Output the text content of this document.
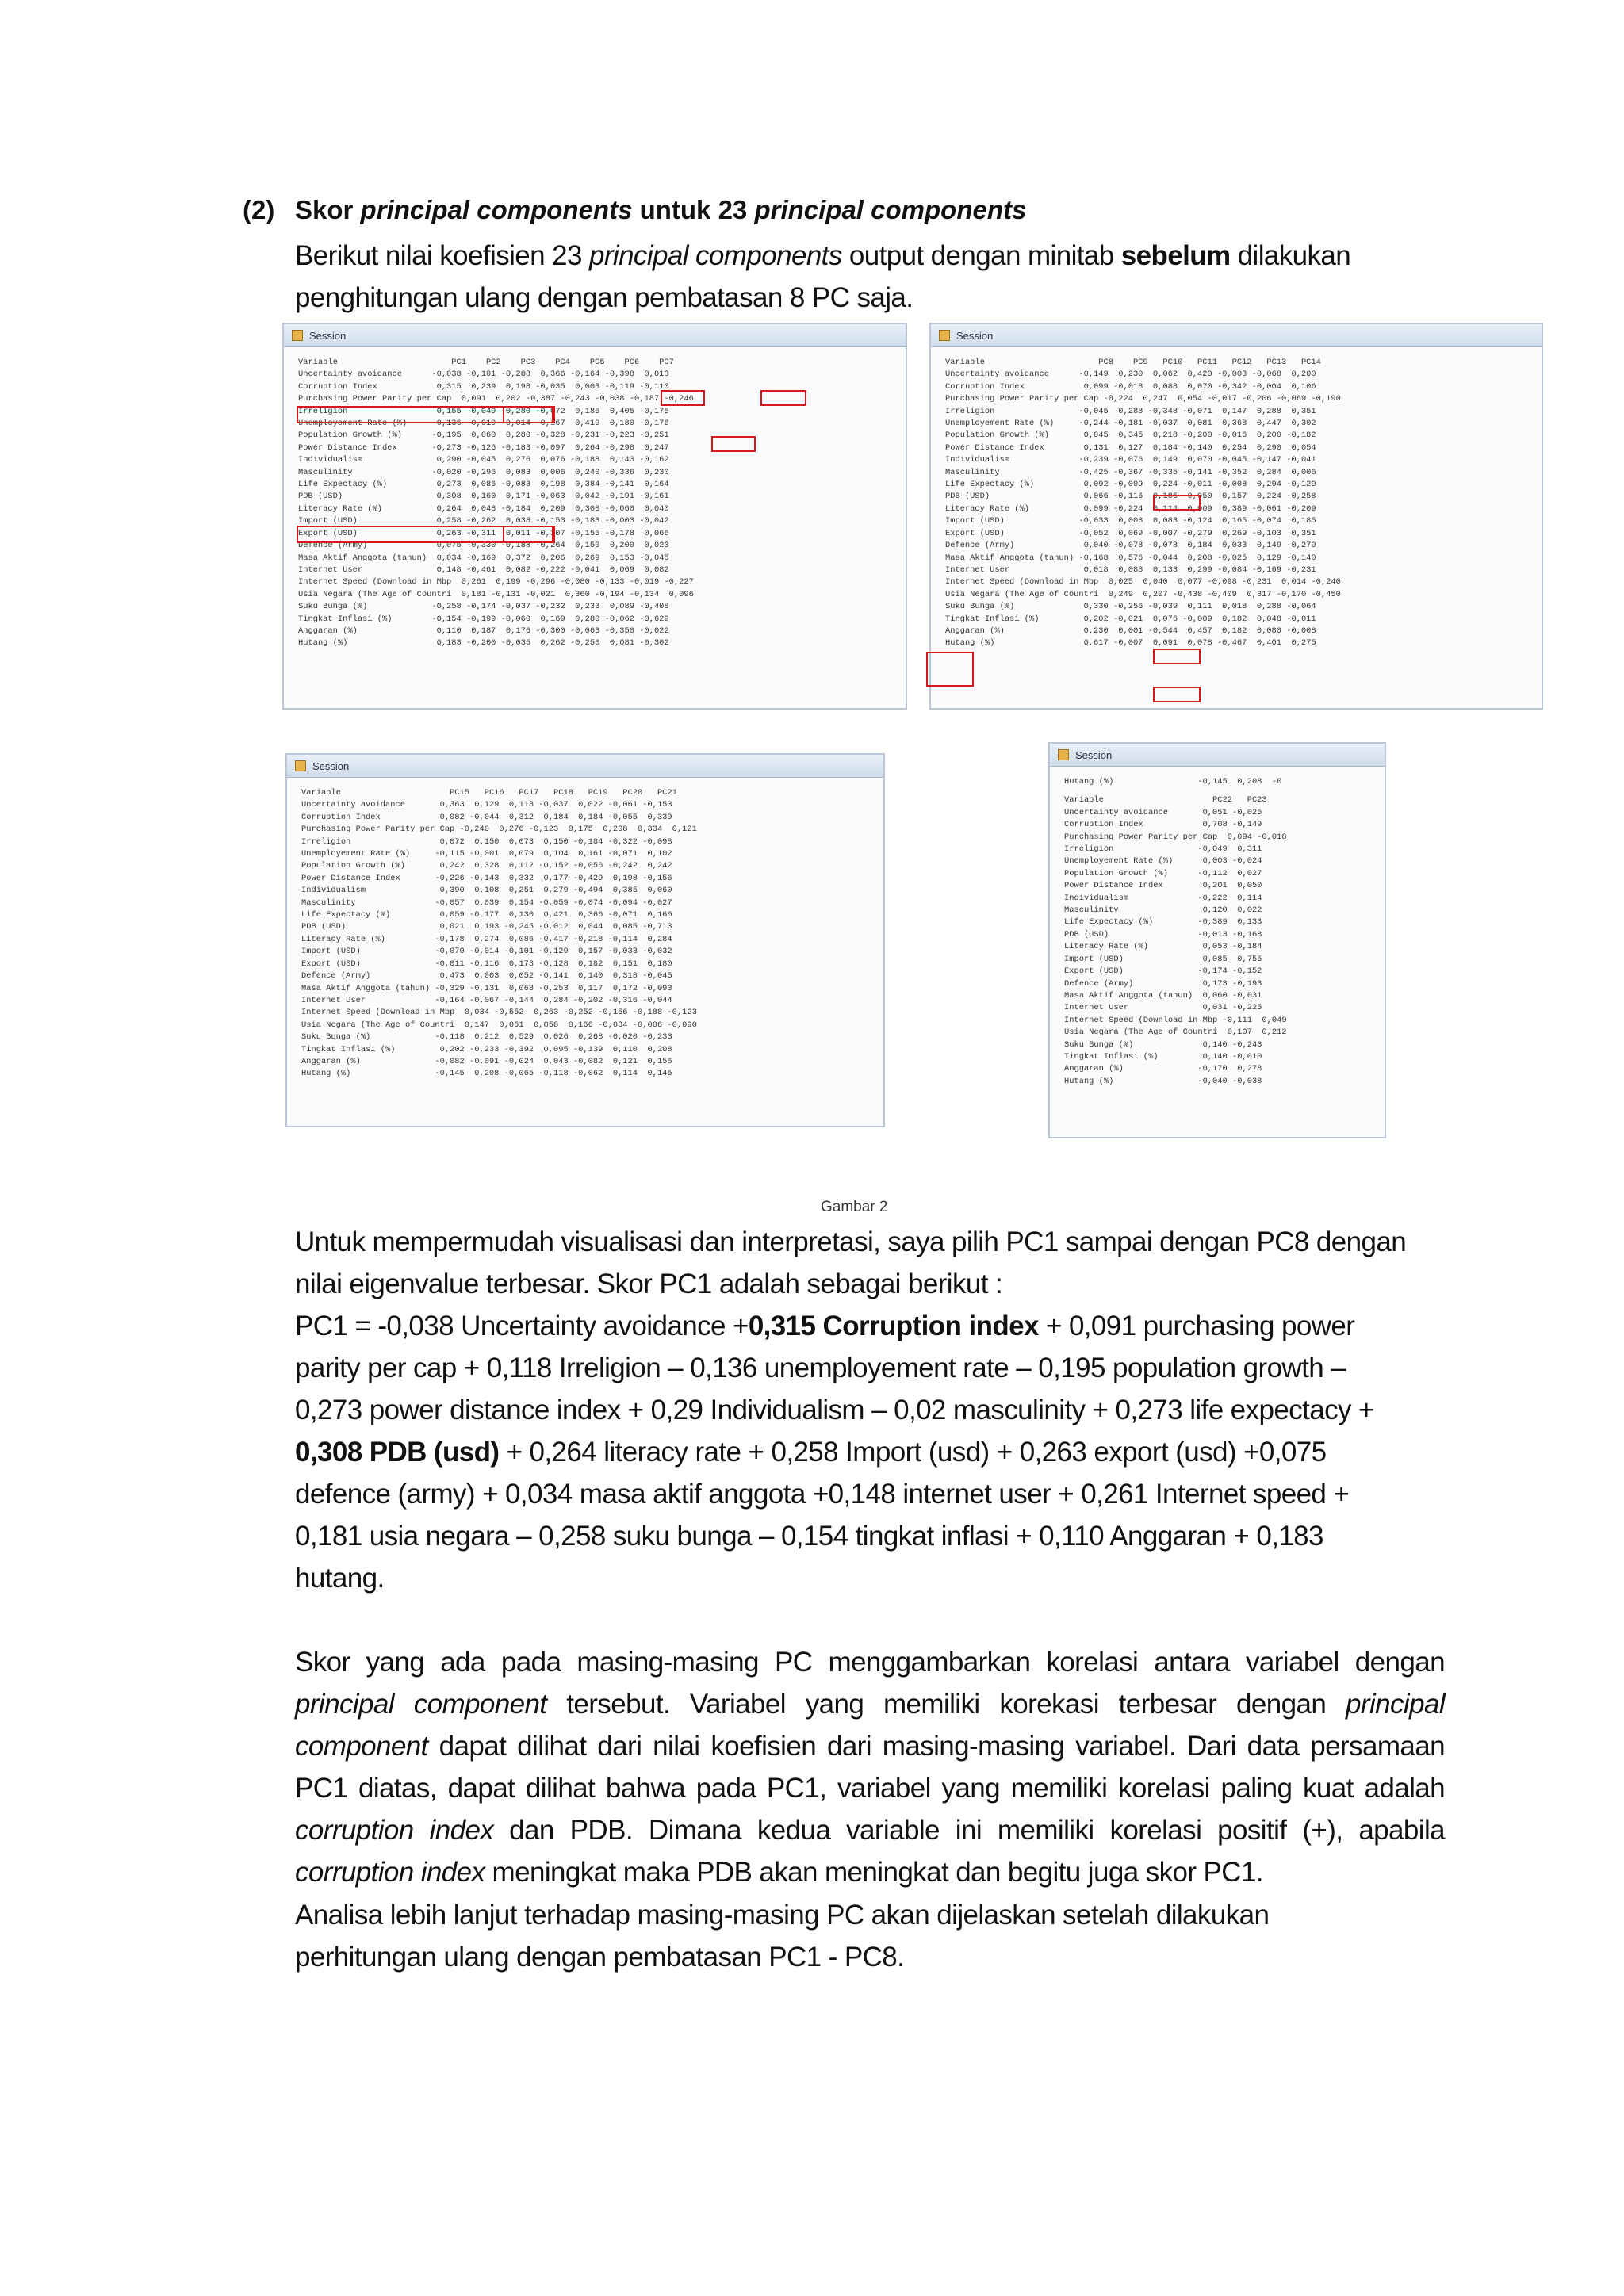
(2) Skor principal components untuk 23 principal components

Berikut nilai koefisien 23 principal components output dengan minitab sebelum dilakukan

penghitungan ulang dengan pembatasan 8 PC saja.

Session
Variable                       PC1    PC2    PC3    PC4    PC5    PC6    PC7
Uncertainty avoidance      -0,038 -0,101 -0,288  0,366 -0,164 -0,398  0,013
Corruption Index            0,315  0,239  0,198 -0,035  0,003 -0,119 -0,110
Purchasing Power Parity per Cap  0,091  0,202 -0,387 -0,243 -0,038 -0,187 -0,246
Irreligion                  0,155  0,049 -0,280 -0,072  0,186  0,405 -0,175
Unemployement Rate (%)     -0,136 -0,019 -0,014  0,167  0,419  0,180 -0,176
Population Growth (%)      -0,195  0,060  0,280 -0,328 -0,231 -0,223 -0,251
Power Distance Index       -0,273 -0,126 -0,183 -0,097  0,264 -0,298  0,247
Individualism               0,290 -0,045  0,276  0,076 -0,188  0,143 -0,162
Masculinity                -0,020 -0,296  0,083  0,006  0,240 -0,336  0,230
Life Expectacy (%)          0,273  0,086 -0,083  0,198  0,384 -0,141  0,164
PDB (USD)                   0,308  0,160  0,171 -0,063  0,042 -0,191 -0,161
Literacy Rate (%)           0,264  0,048 -0,184  0,209  0,308 -0,060  0,040
Import (USD)                0,258 -0,262  0,038 -0,153 -0,183 -0,003 -0,042
Export (USD)                0,263 -0,311  0,011 -0,107 -0,155 -0,178  0,066
Defence (Army)              0,075 -0,330 -0,188 -0,264  0,150  0,200  0,023
Masa Aktif Anggota (tahun)  0,034 -0,169  0,372  0,206  0,269  0,153 -0,045
Internet User               0,148 -0,461  0,082 -0,222 -0,041  0,069  0,082
Internet Speed (Download in Mbp  0,261  0,199 -0,296 -0,080 -0,133 -0,019 -0,227
Usia Negara (The Age of Countri  0,181 -0,131 -0,021  0,360 -0,194 -0,134  0,096
Suku Bunga (%)             -0,258 -0,174 -0,037 -0,232  0,233  0,089 -0,408
Tingkat Inflasi (%)        -0,154 -0,199 -0,060  0,169  0,280 -0,062 -0,629
Anggaran (%)                0,110  0,187  0,176 -0,300 -0,063 -0,350 -0,022
Hutang (%)                  0,183 -0,200 -0,035  0,262 -0,250  0,081 -0,302
Session
Variable                       PC8    PC9   PC10   PC11   PC12   PC13   PC14
Uncertainty avoidance      -0,149  0,230  0,062  0,420 -0,003 -0,068  0,200
Corruption Index            0,099 -0,018  0,088  0,070 -0,342 -0,004  0,106
Purchasing Power Parity per Cap -0,224  0,247  0,054 -0,017 -0,206 -0,069 -0,190
Irreligion                 -0,045  0,288 -0,348 -0,071  0,147  0,288  0,351
Unemployement Rate (%)     -0,244 -0,181 -0,037  0,081  0,368  0,447  0,302
Population Growth (%)       0,045  0,345  0,218 -0,200 -0,016  0,200 -0,182
Power Distance Index        0,131  0,127  0,184 -0,140  0,254  0,290  0,054
Individualism              -0,239 -0,076  0,149  0,070 -0,045 -0,147 -0,041
Masculinity                -0,425 -0,367 -0,335 -0,141 -0,352  0,284  0,006
Life Expectacy (%)          0,092 -0,009  0,224 -0,011 -0,008  0,294 -0,129
PDB (USD)                   0,066 -0,116  0,185 -0,050  0,157  0,224 -0,258
Literacy Rate (%)           0,099 -0,224  0,114  0,009  0,389 -0,061 -0,209
Import (USD)               -0,033  0,008  0,083 -0,124  0,165 -0,074  0,185
Export (USD)               -0,052  0,069 -0,007 -0,279  0,269 -0,103  0,351
Defence (Army)              0,040 -0,078 -0,078  0,184  0,033  0,149 -0,279
Masa Aktif Anggota (tahun) -0,168  0,576 -0,044  0,208 -0,025  0,129 -0,140
Internet User               0,018  0,088  0,133  0,299 -0,084 -0,169 -0,231
Internet Speed (Download in Mbp  0,025  0,040  0,077 -0,098 -0,231  0,014 -0,240
Usia Negara (The Age of Countri  0,249  0,207 -0,438 -0,409  0,317 -0,170 -0,450
Suku Bunga (%)              0,330 -0,256 -0,039  0,111  0,018  0,288 -0,064
Tingkat Inflasi (%)         0,202 -0,021  0,076 -0,009  0,182  0,048 -0,011
Anggaran (%)                0,230  0,001 -0,544  0,457  0,182  0,080 -0,008
Hutang (%)                  0,617 -0,007  0,091  0,078 -0,467  0,401  0,275
Session
Variable                      PC15   PC16   PC17   PC18   PC19   PC20   PC21
Uncertainty avoidance       0,363  0,129  0,113 -0,037  0,022 -0,061 -0,153
Corruption Index            0,082 -0,044  0,312  0,184  0,184 -0,055  0,339
Purchasing Power Parity per Cap -0,240  0,276 -0,123  0,175  0,208  0,334  0,121
Irreligion                  0,072  0,150  0,073  0,150 -0,184 -0,322 -0,098
Unemployement Rate (%)     -0,115 -0,001  0,079  0,104  0,161 -0,071  0,102
Population Growth (%)       0,242  0,328  0,112 -0,152 -0,056 -0,242  0,242
Power Distance Index       -0,226 -0,143  0,332  0,177 -0,429  0,198 -0,156
Individualism               0,390  0,108  0,251  0,279 -0,494  0,385  0,060
Masculinity                -0,057  0,039  0,154 -0,059 -0,074 -0,094 -0,027
Life Expectacy (%)          0,059 -0,177  0,130  0,421  0,366 -0,071  0,166
PDB (USD)                   0,021  0,193 -0,245 -0,012  0,044  0,085 -0,713
Literacy Rate (%)          -0,178  0,274  0,086 -0,417 -0,218 -0,114  0,284
Import (USD)               -0,070 -0,014 -0,101 -0,129  0,157 -0,033 -0,032
Export (USD)               -0,011 -0,116  0,173 -0,128  0,182  0,151  0,180
Defence (Army)              0,473  0,003  0,052 -0,141  0,140  0,318 -0,045
Masa Aktif Anggota (tahun) -0,329 -0,131  0,068 -0,253  0,117  0,172 -0,093
Internet User              -0,164 -0,067 -0,144  0,284 -0,202 -0,316 -0,044
Internet Speed (Download in Mbp  0,034 -0,552  0,263 -0,252 -0,156 -0,188 -0,123
Usia Negara (The Age of Countri  0,147  0,061  0,058  0,166 -0,034 -0,006 -0,090
Suku Bunga (%)             -0,118  0,212  0,529  0,026  0,268 -0,020 -0,233
Tingkat Inflasi (%)         0,202 -0,233 -0,392  0,095 -0,139  0,110  0,208
Anggaran (%)               -0,082 -0,091 -0,024  0,043 -0,082  0,121  0,156
Hutang (%)                 -0,145  0,208 -0,065 -0,118 -0,062  0,114  0,145
Session
Hutang (%)                 -0,145  0,208  -0
Variable                      PC22   PC23
Uncertainty avoidance       0,051 -0,025
Corruption Index            0,708 -0,149
Purchasing Power Parity per Cap  0,094 -0,018
Irreligion                 -0,049  0,311
Unemployement Rate (%)      0,003 -0,024
Population Growth (%)      -0,112  0,027
Power Distance Index        0,201  0,050
Individualism              -0,222  0,114
Masculinity                 0,120  0,022
Life Expectacy (%)         -0,389  0,133
PDB (USD)                  -0,013 -0,168
Literacy Rate (%)           0,053 -0,184
Import (USD)                0,085  0,755
Export (USD)               -0,174 -0,152
Defence (Army)              0,173 -0,193
Masa Aktif Anggota (tahun)  0,060 -0,031
Internet User               0,031 -0,225
Internet Speed (Download in Mbp -0,111  0,049
Usia Negara (The Age of Countri  0,107  0,212
Suku Bunga (%)              0,140 -0,243
Tingkat Inflasi (%)         0,140 -0,010
Anggaran (%)               -0,170  0,278
Hutang (%)                 -0,040 -0,038
Gambar 2

Untuk mempermudah visualisasi dan interpretasi, saya pilih PC1 sampai dengan PC8 dengan

nilai eigenvalue terbesar. Skor PC1 adalah sebagai berikut :

PC1 = -0,038 Uncertainty avoidance +0,315 Corruption index + 0,091 purchasing power

parity per cap + 0,118 Irreligion – 0,136 unemployement rate – 0,195 population growth –

0,273 power distance index + 0,29 Individualism – 0,02 masculinity + 0,273 life expectacy +

0,308 PDB (usd) + 0,264 literacy rate + 0,258 Import (usd) + 0,263 export (usd) +0,075

defence (army) + 0,034 masa aktif anggota +0,148 internet user + 0,261 Internet speed +

0,181 usia negara – 0,258 suku bunga – 0,154 tingkat inflasi + 0,110 Anggaran + 0,183

hutang.

Skor yang ada pada masing-masing PC menggambarkan korelasi antara variabel dengan principal component tersebut. Variabel yang memiliki korekasi terbesar dengan principal component dapat dilihat dari nilai koefisien dari masing-masing variabel. Dari data persamaan PC1 diatas, dapat dilihat bahwa pada PC1, variabel yang memiliki korelasi paling kuat adalah corruption index dan PDB. Dimana kedua variable ini memiliki korelasi positif (+), apabila corruption index meningkat maka PDB akan meningkat dan begitu juga skor PC1.

Analisa lebih lanjut terhadap masing-masing PC akan dijelaskan setelah dilakukan

perhitungan ulang dengan pembatasan PC1 - PC8.
